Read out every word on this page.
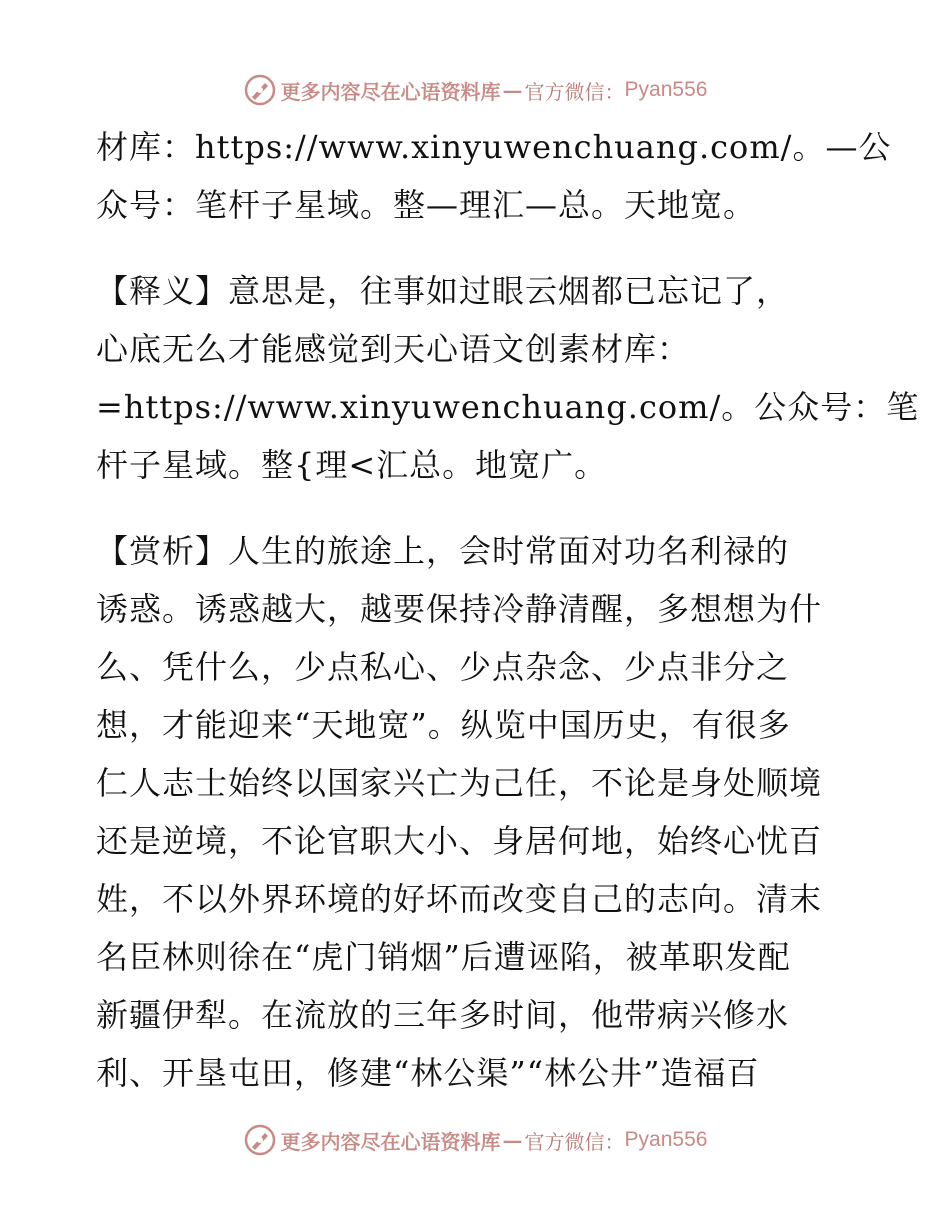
更多内容尽在心语资料库 — 官方微信： Pyan556
材库：https://www.xinyuwenchuang.com/。—公
众号：笔杆子星域。整—理汇—总。天地宽。
【释义】意思是，往事如过眼云烟都已忘记了，
心底无么才能感觉到天心语文创素材库：
=https://www.xinyuwenchuang.com/。公众号：笔
杆子星域。整{理<汇总。地宽广。
【赏析】人生的旅途上，会时常面对功名利禄的
诱惑。诱惑越大，越要保持冷静清醒，多想想为什
么、凭什么，少点私心、少点杂念、少点非分之
想，才能迎来“天地宽”。纵览中国历史，有很多
仁人志士始终以国家兴亡为己任，不论是身处顺境
还是逆境，不论官职大小、身居何地，始终心忧百
姓，不以外界环境的好坏而改变自己的志向。清末
名臣林则徐在“虎门销烟”后遭诬陷，被革职发配
新疆伊犁。在流放的三年多时间，他带病兴修水
利、开垦屯田，修建“林公渠”“林公井”造福百
更多内容尽在心语资料库 — 官方微信： Pyan556
